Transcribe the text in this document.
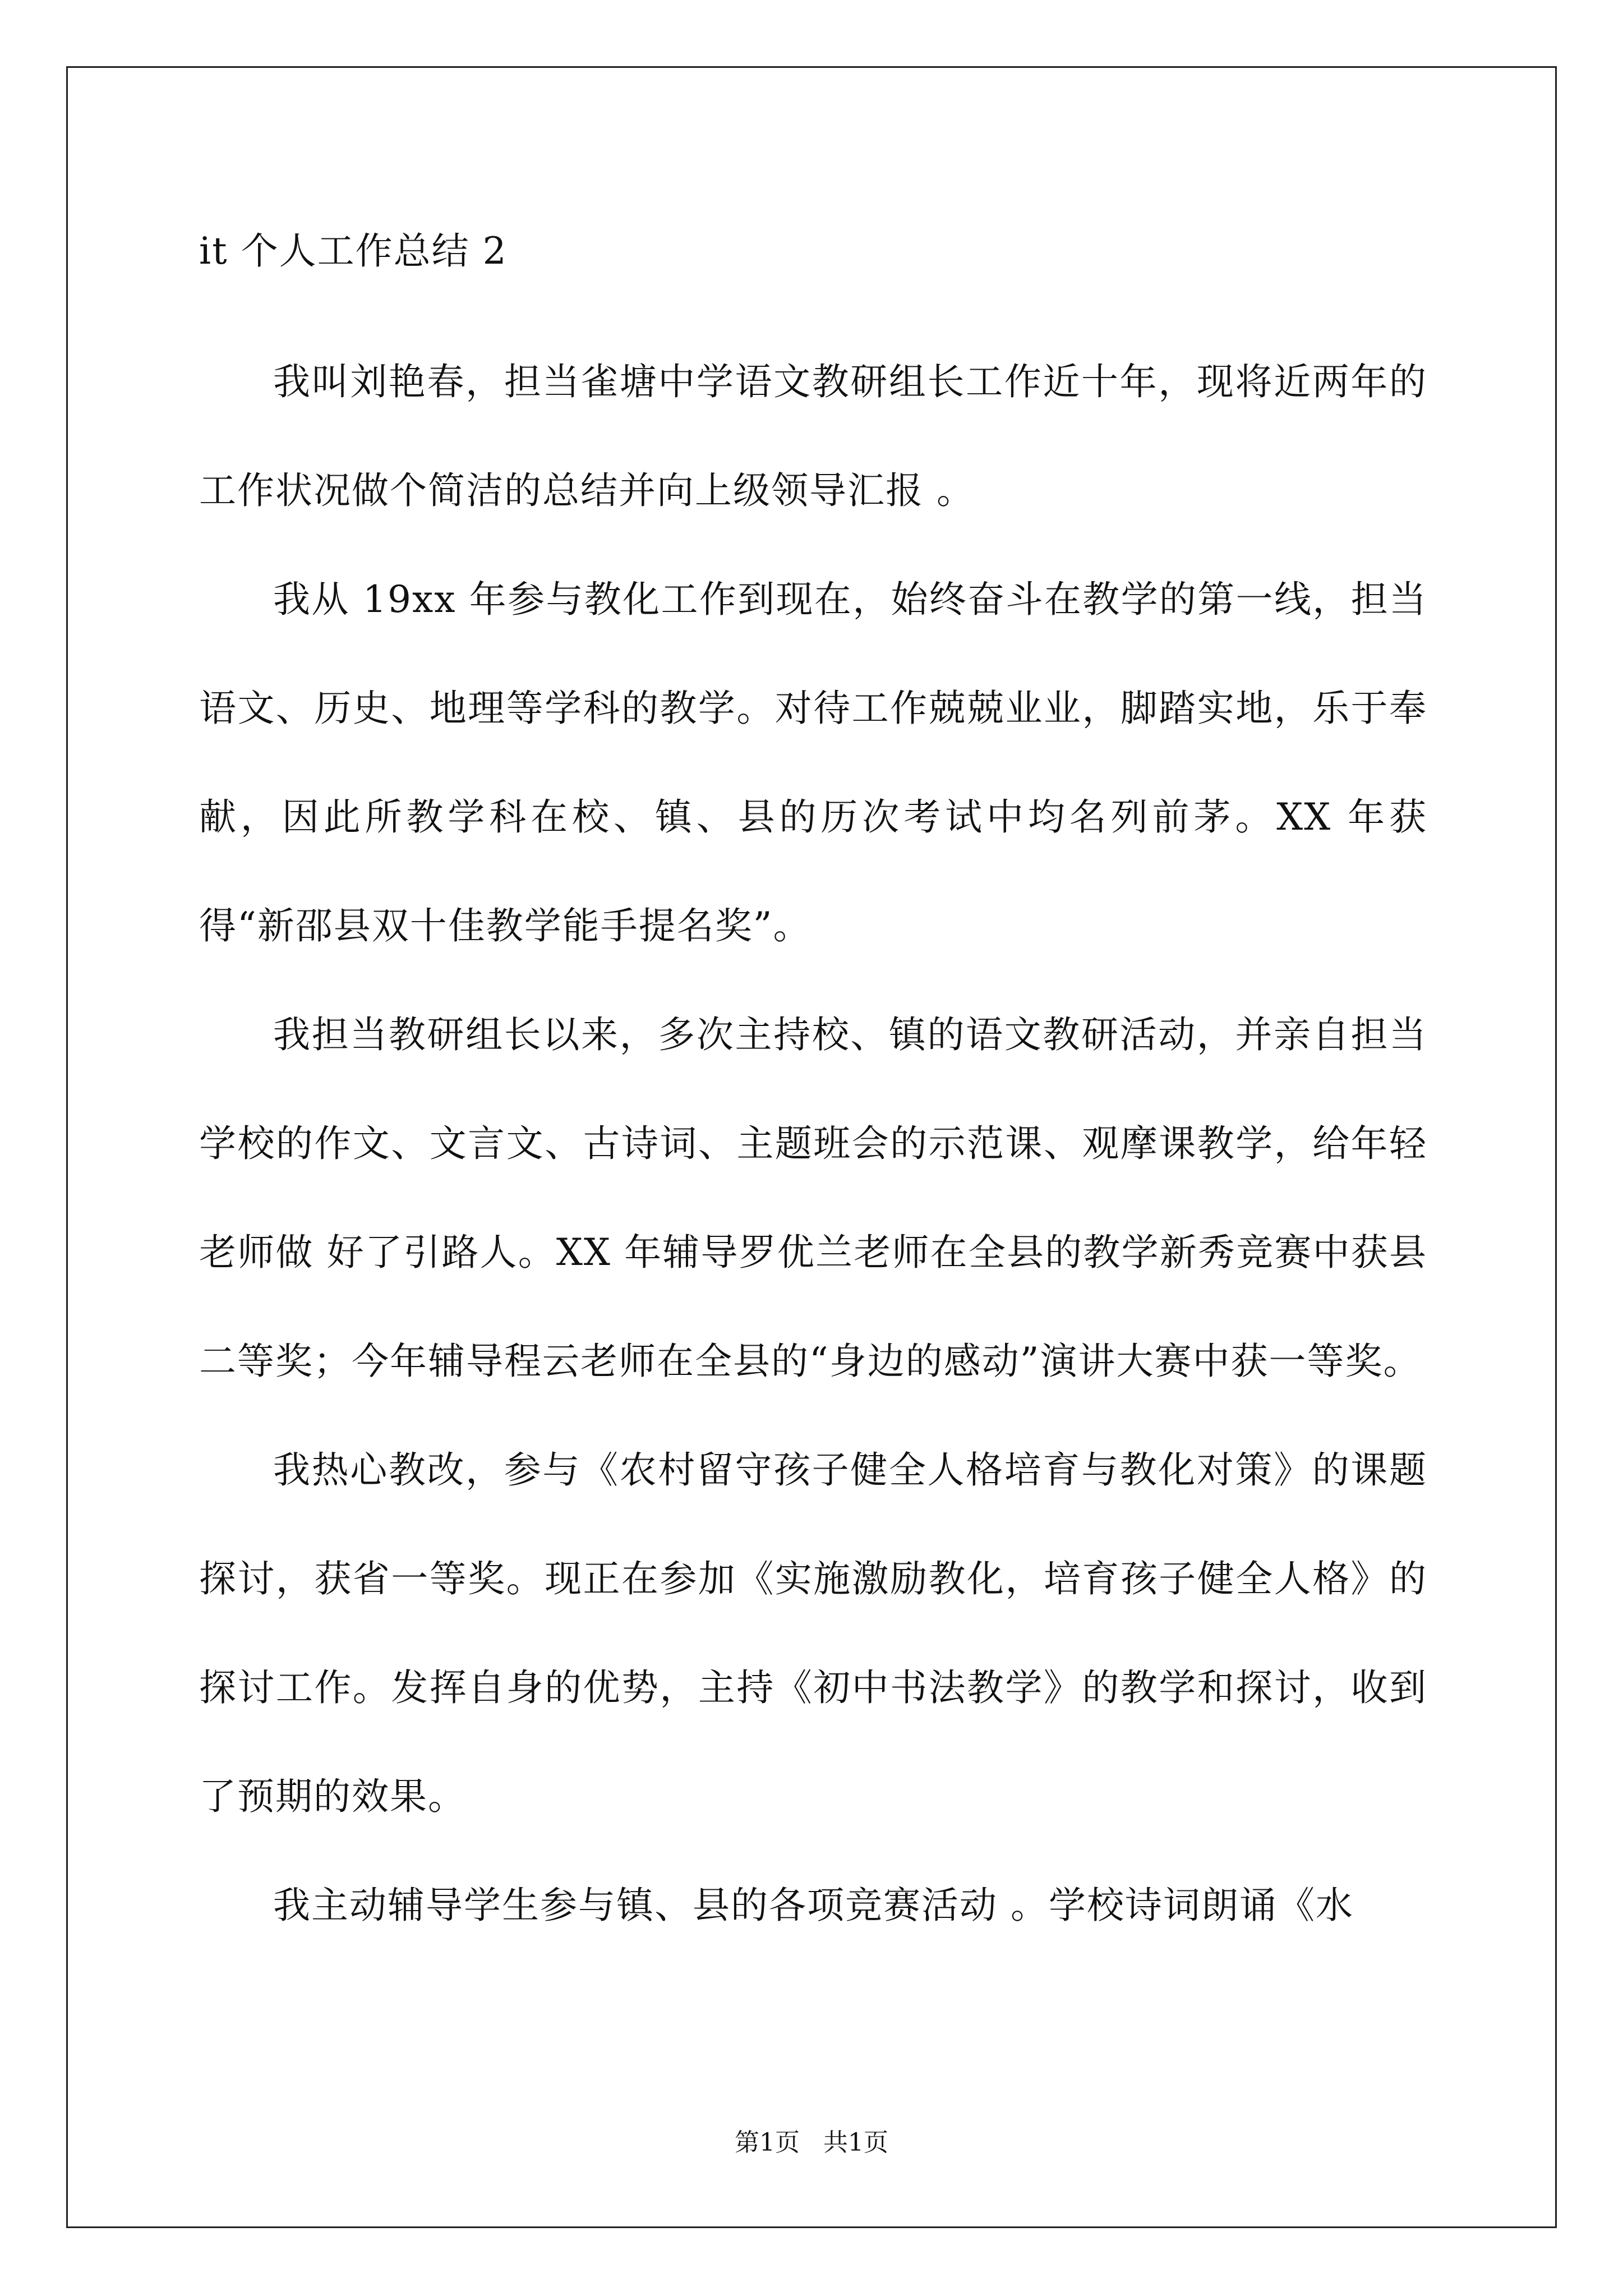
it 个人工作总结 2

我叫刘艳春，担当雀塘中学语文教研组长工作近十年，现将近两年的工作状况做个简洁的总结并向上级领导汇报 。

我从 19xx 年参与教化工作到现在，始终奋斗在教学的第一线，担当语文、历史、地理等学科的教学。对待工作兢兢业业，脚踏实地，乐于奉献，因此所教学科在校、镇、县的历次考试中均名列前茅。XX 年获得“新邵县双十佳教学能手提名奖”。

我担当教研组长以来，多次主持校、镇的语文教研活动，并亲自担当学校的作文、文言文、古诗词、主题班会的示范课、观摩课教学，给年轻老师做 好了引路人。XX 年辅导罗优兰老师在全县的教学新秀竞赛中获县二等奖；今年辅导程云老师在全县的“身边的感动”演讲大赛中获一等奖。

我热心教改，参与《农村留守孩子健全人格培育与教化对策》的课题探讨，获省一等奖。现正在参加《实施激励教化，培育孩子健全人格》的探讨工作。发挥自身的优势，主持《初中书法教学》的教学和探讨，收到了预期的效果。

我主动辅导学生参与镇、县的各项竞赛活动 。学校诗词朗诵《水

第1页   共1页
